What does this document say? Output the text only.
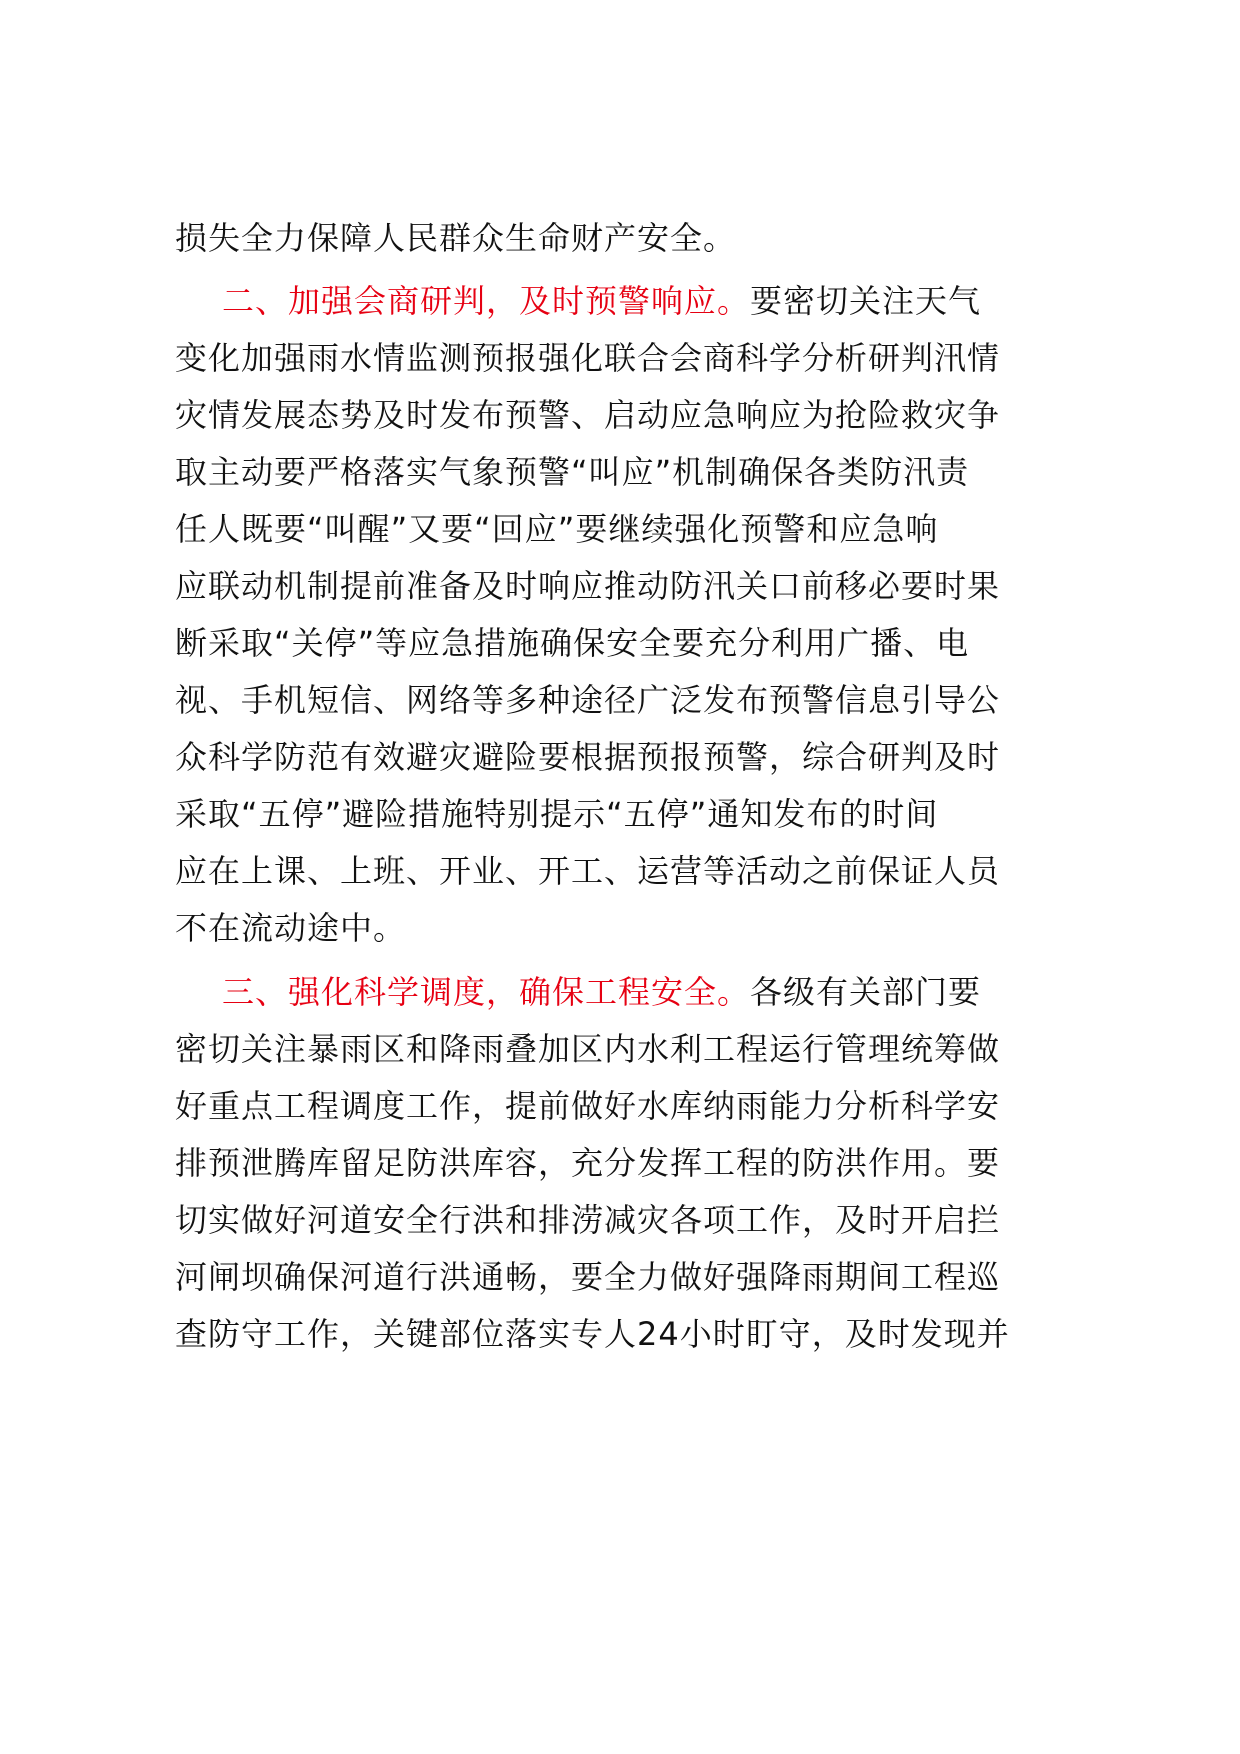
损失全力保障人民群众生命财产安全。
二、加强会商研判，及时预警响应。要密切关注天气
变化加强雨水情监测预报强化联合会商科学分析研判汛情
灾情发展态势及时发布预警、启动应急响应为抢险救灾争
取主动要严格落实气象预警“叫应”机制确保各类防汛责
任人既要“叫醒”又要“回应”要继续强化预警和应急响
应联动机制提前准备及时响应推动防汛关口前移必要时果
断采取“关停”等应急措施确保安全要充分利用广播、电
视、手机短信、网络等多种途径广泛发布预警信息引导公
众科学防范有效避灾避险要根据预报预警，综合研判及时
采取“五停”避险措施特别提示“五停”通知发布的时间
应在上课、上班、开业、开工、运营等活动之前保证人员
不在流动途中。
三、强化科学调度，确保工程安全。各级有关部门要
密切关注暴雨区和降雨叠加区内水利工程运行管理统筹做
好重点工程调度工作，提前做好水库纳雨能力分析科学安
排预泄腾库留足防洪库容，充分发挥工程的防洪作用。要
切实做好河道安全行洪和排涝减灾各项工作，及时开启拦
河闸坝确保河道行洪通畅，要全力做好强降雨期间工程巡
查防守工作，关键部位落实专人24小时盯守，及时发现并
